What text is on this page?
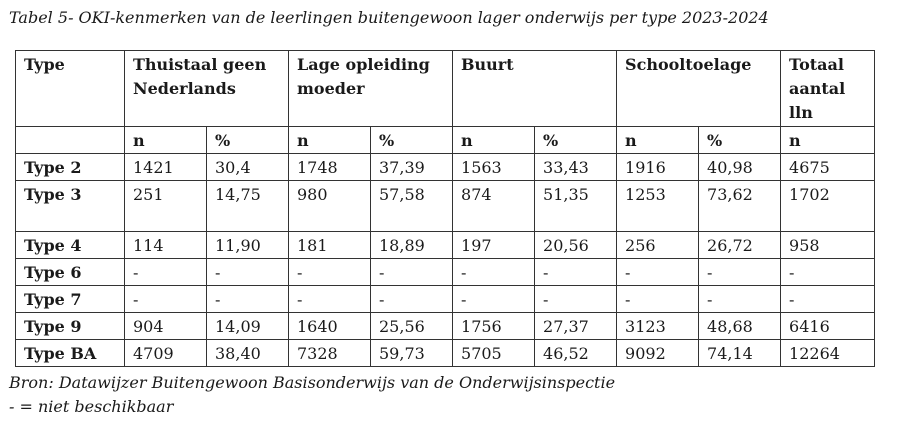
Tabel 5- OKI-kenmerken van de leerlingen buitengewoon lager onderwijs per type 2023-2024
Type	Thuistaal geen Nederlands		Lage opleiding moeder		Buurt		Schooltoelage		Totaal aantal lln
	n	%	n	%	n	%	n	%	n
Type 2	1421	30,4	1748	37,39	1563	33,43	1916	40,98	4675
Type 3	251	14,75	980	57,58	874	51,35	1253	73,62	1702
Type 4	114	11,90	181	18,89	197	20,56	256	26,72	958
Type 6	-	-	-	-	-	-	-	-	-
Type 7	-	-	-	-	-	-	-	-	-
Type 9	904	14,09	1640	25,56	1756	27,37	3123	48,68	6416
Type BA	4709	38,40	7328	59,73	5705	46,52	9092	74,14	12264
Bron: Datawijzer Buitengewoon Basisonderwijs van de Onderwijsinspectie
- = niet beschikbaar
